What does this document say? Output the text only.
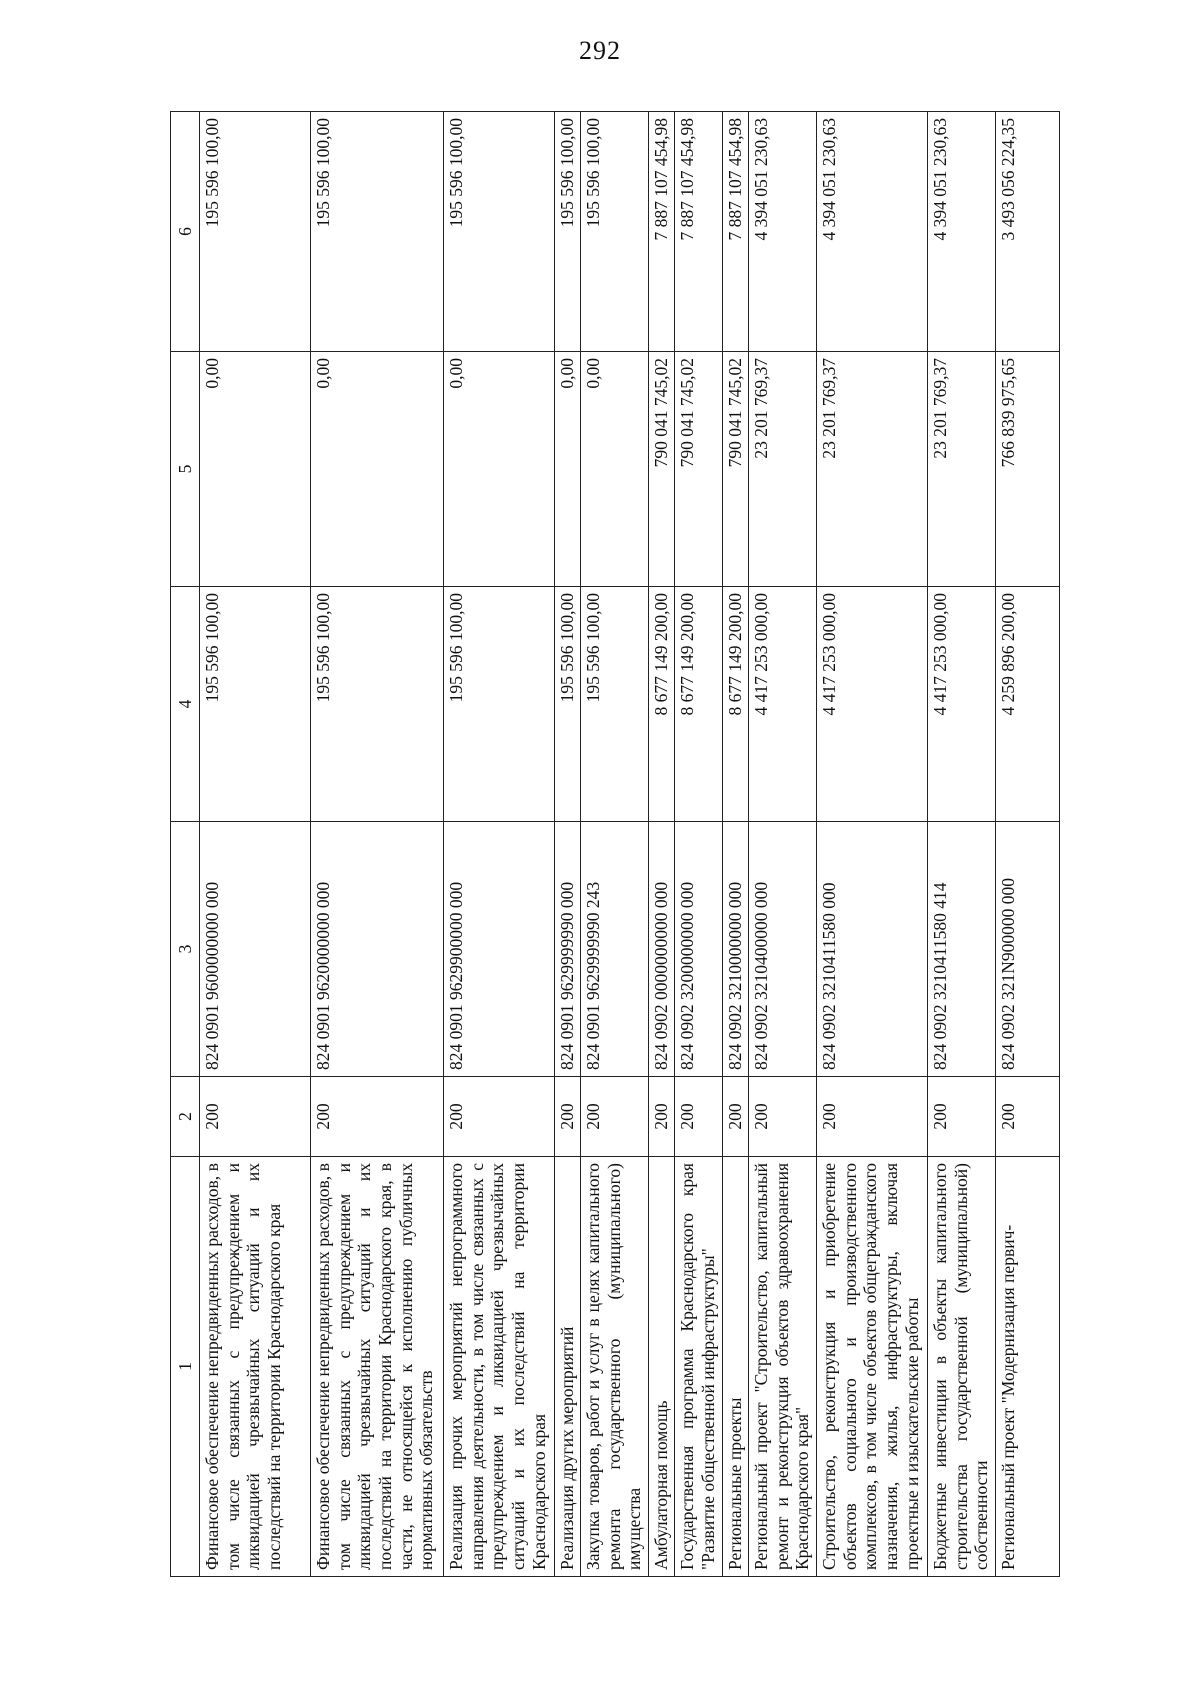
292
1	2	3	4	5	6
Финансовое обеспечение непредвиденных расходов, в том числе связанных с предупреждением и ликвидацией чрезвычайных ситуаций и их последствий на территории Краснодарского края	200	824 0901 9600000000 000	195 596 100,00	0,00	195 596 100,00
Финансовое обеспечение непредвиденных расходов, в том числе связанных с предупреждением и ликвидацией чрезвычайных ситуаций и их последствий на территории Краснодарского края, в части, не относящейся к исполнению публичных нормативных обязательств	200	824 0901 9620000000 000	195 596 100,00	0,00	195 596 100,00
Реализация прочих мероприятий непрограммного направления деятельности, в том числе связанных с предупреждением и ликвидацией чрезвычайных ситуаций и их последствий на территории Краснодарского края	200	824 0901 9629900000 000	195 596 100,00	0,00	195 596 100,00
Реализация других мероприятий	200	824 0901 9629999990 000	195 596 100,00	0,00	195 596 100,00
Закупка товаров, работ и услуг в целях капитального ремонта государственного (муниципального) имущества	200	824 0901 9629999990 243	195 596 100,00	0,00	195 596 100,00
Амбулаторная помощь	200	824 0902 0000000000 000	8 677 149 200,00	790 041 745,02	7 887 107 454,98
Государственная программа Краснодарского края "Развитие общественной инфраструктуры"	200	824 0902 3200000000 000	8 677 149 200,00	790 041 745,02	7 887 107 454,98
Региональные проекты	200	824 0902 3210000000 000	8 677 149 200,00	790 041 745,02	7 887 107 454,98
Региональный проект "Строительство, капитальный ремонт и реконструкция объектов здравоохранения Краснодарского края"	200	824 0902 3210400000 000	4 417 253 000,00	23 201 769,37	4 394 051 230,63
Строительство, реконструкция и приобретение объектов социального и производственного комплексов, в том числе объектов общегражданского назначения, жилья, инфраструктуры, включая проектные и изыскательские работы	200	824 0902 3210411580 000	4 417 253 000,00	23 201 769,37	4 394 051 230,63
Бюджетные инвестиции в объекты капитального строительства государственной (муниципальной) собственности	200	824 0902 3210411580 414	4 417 253 000,00	23 201 769,37	4 394 051 230,63
Региональный проект "Модернизация первич-	200	824 0902 321N900000 000	4 259 896 200,00	766 839 975,65	3 493 056 224,35
